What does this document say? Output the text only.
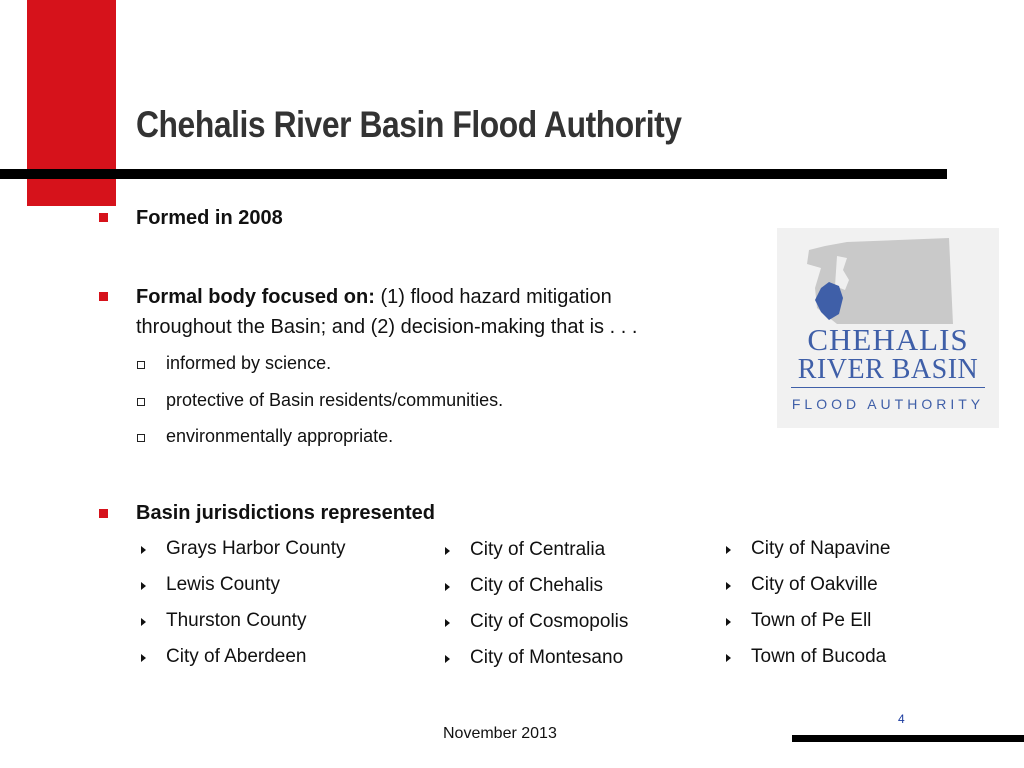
Chehalis River Basin Flood Authority
Formed in 2008
Formal body focused on: (1) flood hazard mitigation
throughout the Basin; and (2) decision-making that is . . .
informed by science.
protective of Basin residents/communities.
environmentally appropriate.
Basin jurisdictions represented
Grays Harbor County
Lewis County
Thurston County
City of Aberdeen
City of Centralia
City of Chehalis
City of Cosmopolis
City of Montesano
City of Napavine
City of Oakville
Town of Pe Ell
Town of Bucoda
CHEHALIS
RIVER BASIN
FLOOD AUTHORITY
November 2013
4
